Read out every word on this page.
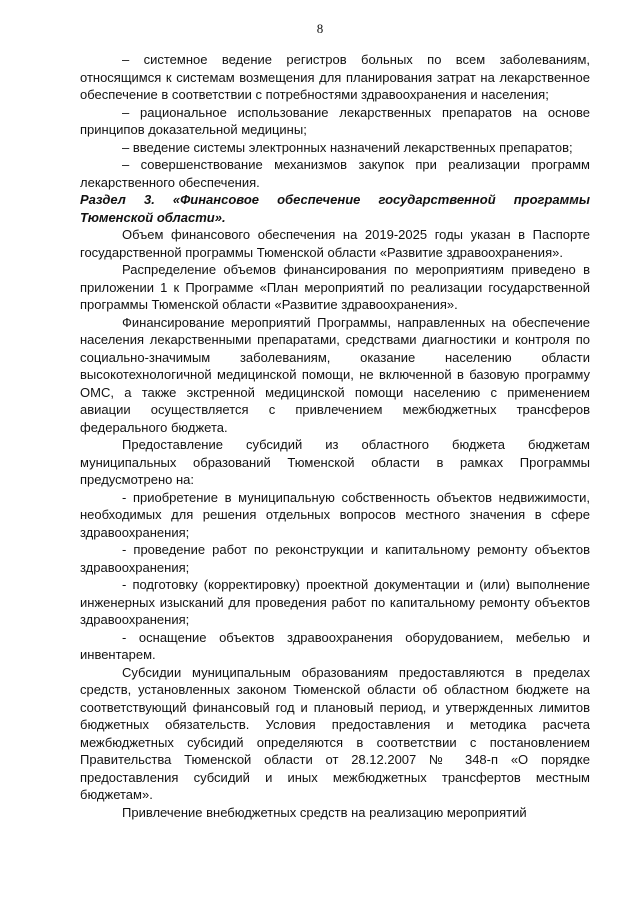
8

– системное ведение регистров больных по всем заболеваниям, относящимся к системам возмещения для планирования затрат на лекарственное обеспечение в соответствии с потребностями здравоохранения и населения;

– рациональное использование лекарственных препаратов на основе принципов доказательной медицины;

– введение системы электронных назначений лекарственных препаратов;

– совершенствование механизмов закупок при реализации программ лекарственного обеспечения.

Раздел 3. «Финансовое обеспечение государственной программы Тюменской области».

Объем финансового обеспечения на 2019-2025 годы указан в Паспорте государственной программы Тюменской области «Развитие здравоохранения».

Распределение объемов финансирования по мероприятиям приведено в приложении 1 к Программе «План мероприятий по реализации государственной программы Тюменской области «Развитие здравоохранения».

Финансирование мероприятий Программы, направленных на обеспечение населения лекарственными препаратами, средствами диагностики и контроля по социально-значимым заболеваниям, оказание населению области высокотехнологичной медицинской помощи, не включенной в базовую программу ОМС, а также экстренной медицинской помощи населению с применением авиации осуществляется с привлечением межбюджетных трансферов федерального бюджета.

Предоставление субсидий из областного бюджета бюджетам муниципальных образований Тюменской области в рамках Программы предусмотрено на:

- приобретение в муниципальную собственность объектов недвижимости, необходимых для решения отдельных вопросов местного значения в сфере здравоохранения;

- проведение работ по реконструкции и капитальному ремонту объектов здравоохранения;

- подготовку (корректировку) проектной документации и (или) выполнение инженерных изысканий для проведения работ по капитальному ремонту объектов здравоохранения;

- оснащение объектов здравоохранения оборудованием, мебелью и инвентарем.

Субсидии муниципальным образованиям предоставляются в пределах средств, установленных законом Тюменской области об областном бюджете на соответствующий финансовый год и плановый период, и утвержденных лимитов бюджетных обязательств. Условия предоставления и методика расчета межбюджетных субсидий определяются в соответствии с постановлением Правительства Тюменской области от 28.12.2007 № 348-п «О порядке предоставления субсидий и иных межбюджетных трансфертов местным бюджетам».

Привлечение внебюджетных средств на реализацию мероприятий
